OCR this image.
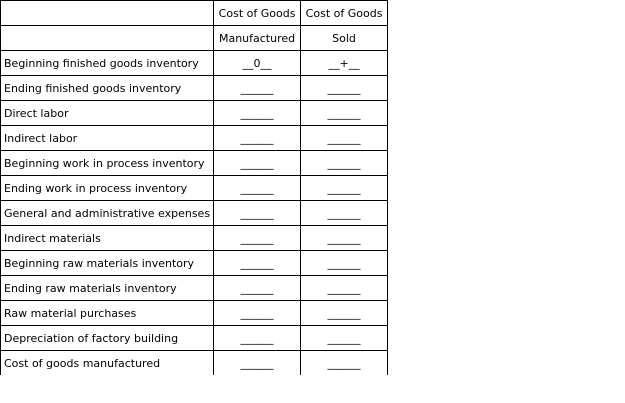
	Cost of Goods	Cost of Goods
	Manufactured	Sold
Beginning finished goods inventory	__0__	__+__
Ending finished goods inventory	______	______
Direct labor	______	______
Indirect labor	______	______
Beginning work in process inventory	______	______
Ending work in process inventory	______	______
General and administrative expenses	______	______
Indirect materials	______	______
Beginning raw materials inventory	______	______
Ending raw materials inventory	______	______
Raw material purchases	______	______
Depreciation of factory building	______	______
Cost of goods manufactured	______	______
